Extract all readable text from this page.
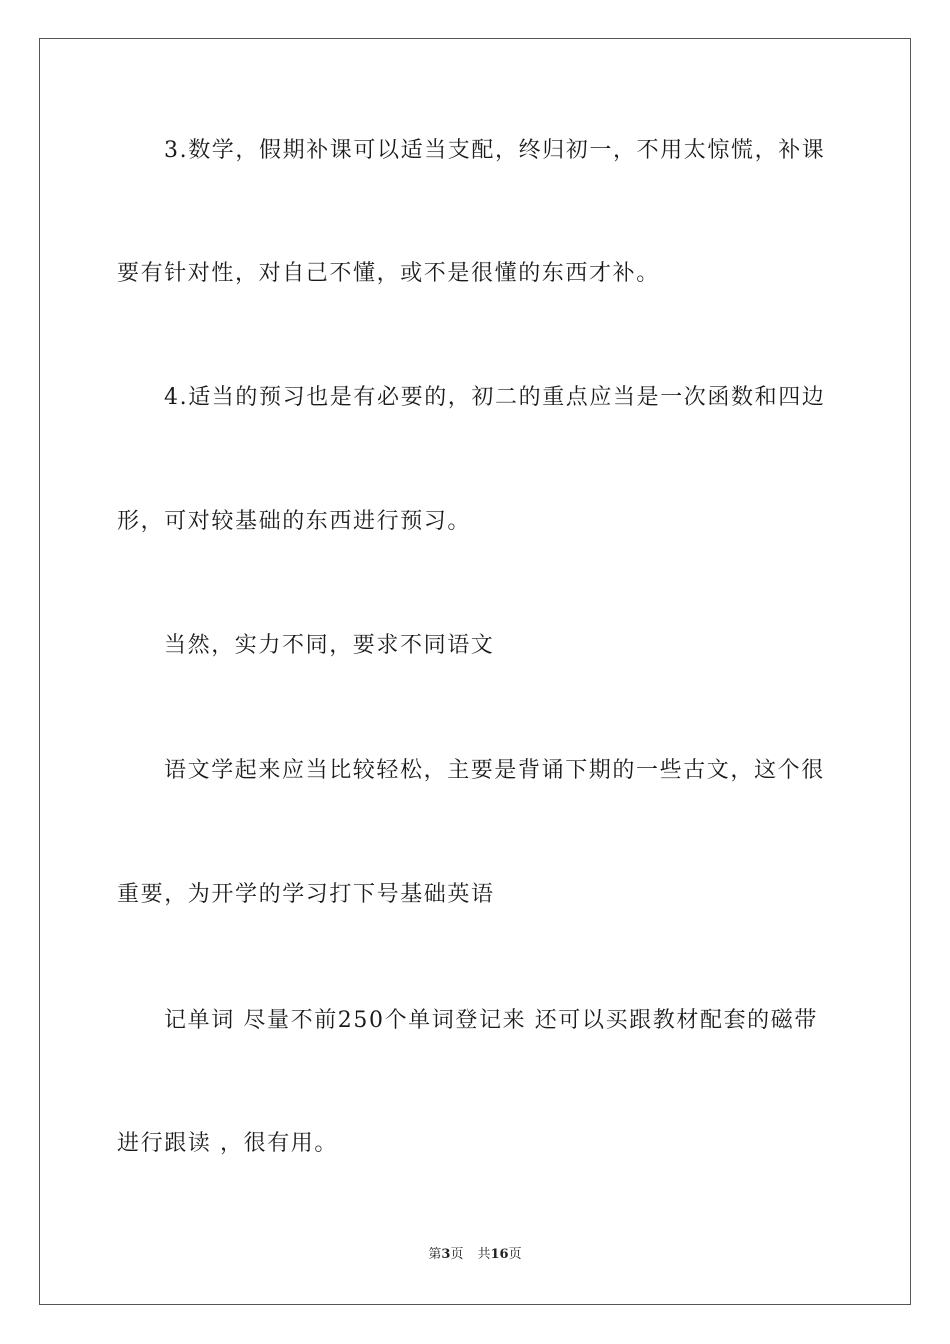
3.数学，假期补课可以适当支配，终归初一，不用太惊慌，补课
要有针对性，对自己不懂，或不是很懂的东西才补。
4.适当的预习也是有必要的，初二的重点应当是一次函数和四边
形，可对较基础的东西进行预习。
当然，实力不同，要求不同语文
语文学起来应当比较轻松，主要是背诵下期的一些古文，这个很
重要，为开学的学习打下号基础英语
记单词 尽量不前250个单词登记来 还可以买跟教材配套的磁带
进行跟读 ，很有用。
第3页 共16页
